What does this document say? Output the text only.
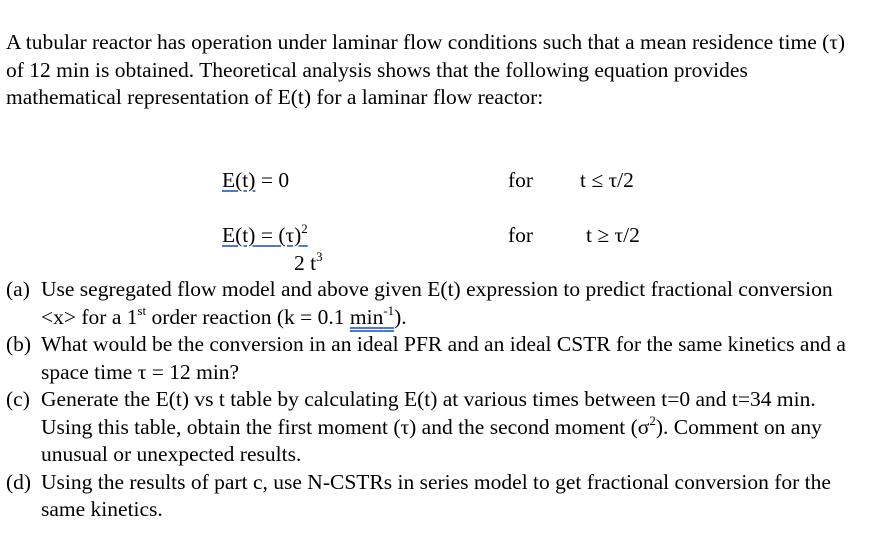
A tubular reactor has operation under laminar flow conditions such that a mean residence time (τ) of 12 min is obtained. Theoretical analysis shows that the following equation provides mathematical representation of E(t) for a laminar flow reactor:
E(t) = 0	for t ≤ τ/2
$E(t) = (\tau)^2$
2 $t^3$
for t ≥ τ/2
(a) Use segregated flow model and above given E(t) expression to predict fractional conversion <x> for a 1st order reaction (k = 0.1 $\min^{-1}$).
(b) What would be the conversion in an ideal PFR and an ideal CSTR for the same kinetics and a space time τ = 12 min?
(c) Generate the E(t) vs t table by calculating E(t) at various times between t=0 and t=34 min. Using this table, obtain the first moment (τ) and the second moment $(\sigma^2)$. Comment on any unusual or unexpected results.
(d) Using the results of part c, use N-CSTRs in series model to get fractional conversion for the same kinetics.
